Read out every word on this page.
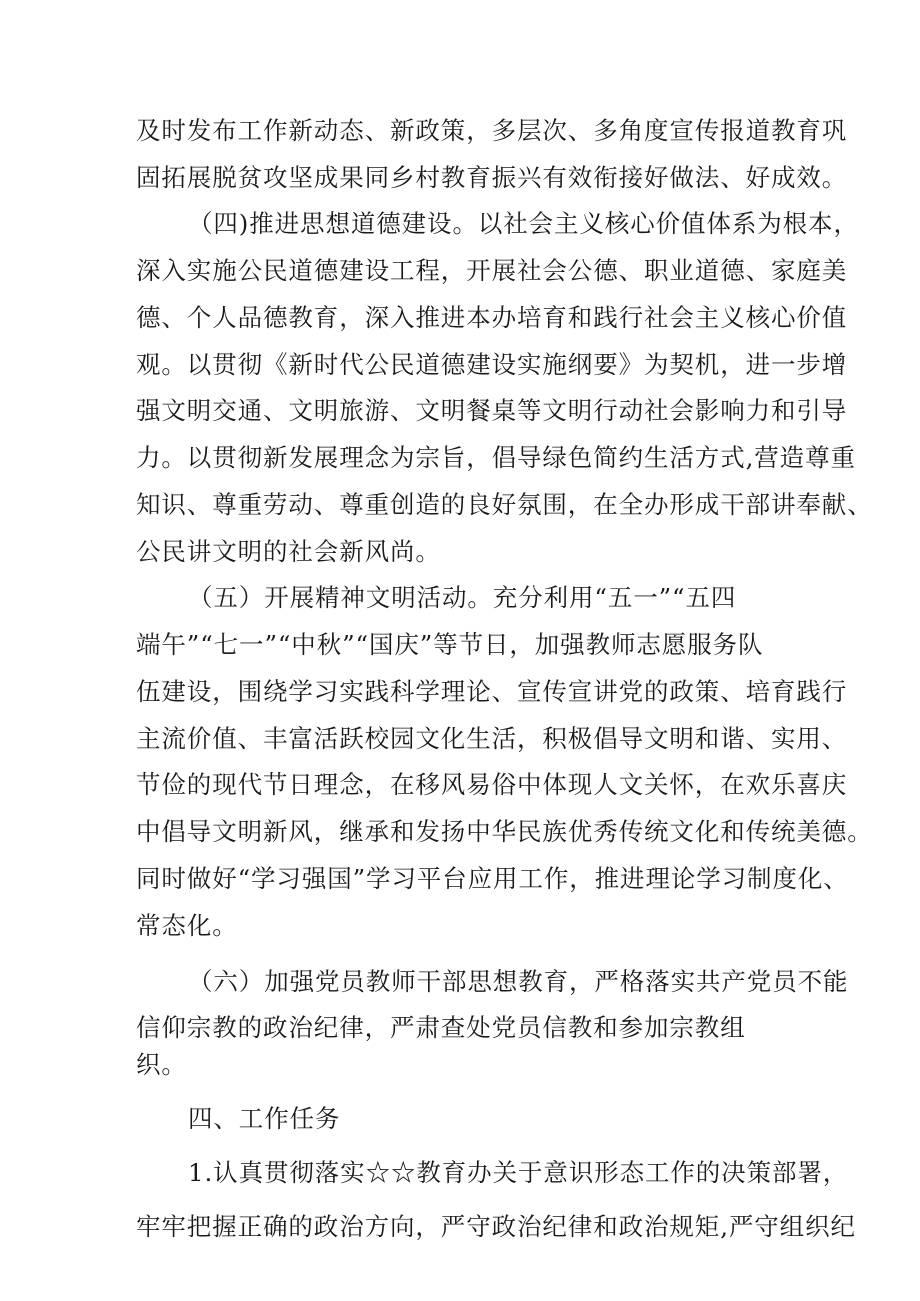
及时发布工作新动态、新政策，多层次、多角度宣传报道教育巩
固拓展脱贫攻坚成果同乡村教育振兴有效衔接好做法、好成效。
（四)推进思想道德建设。以社会主义核心价值体系为根本，
深入实施公民道德建设工程，开展社会公德、职业道德、家庭美
德、个人品德教育，深入推进本办培育和践行社会主义核心价值
观。以贯彻《新时代公民道德建设实施纲要》为契机，进一步增
强文明交通、文明旅游、文明餐桌等文明行动社会影响力和引导
力。以贯彻新发展理念为宗旨，倡导绿色简约生活方式,营造尊重
知识、尊重劳动、尊重创造的良好氛围，在全办形成干部讲奉献、
公民讲文明的社会新风尚。
（五）开展精神文明活动。充分利用“五一”“五四
端午”“七一”“中秋”“国庆”等节日，加强教师志愿服务队
伍建设，围绕学习实践科学理论、宣传宣讲党的政策、培育践行
主流价值、丰富活跃校园文化生活，积极倡导文明和谐、实用、
节俭的现代节日理念，在移风易俗中体现人文关怀，在欢乐喜庆
中倡导文明新风，继承和发扬中华民族优秀传统文化和传统美德。
同时做好“学习强国”学习平台应用工作，推进理论学习制度化、
常态化。
（六）加强党员教师干部思想教育，严格落实共产党员不能
信仰宗教的政治纪律，严肃查处党员信教和参加宗教组
织。
四、工作任务
1.认真贯彻落实☆☆教育办关于意识形态工作的决策部署，
牢牢把握正确的政治方向，严守政治纪律和政治规矩,严守组织纪
